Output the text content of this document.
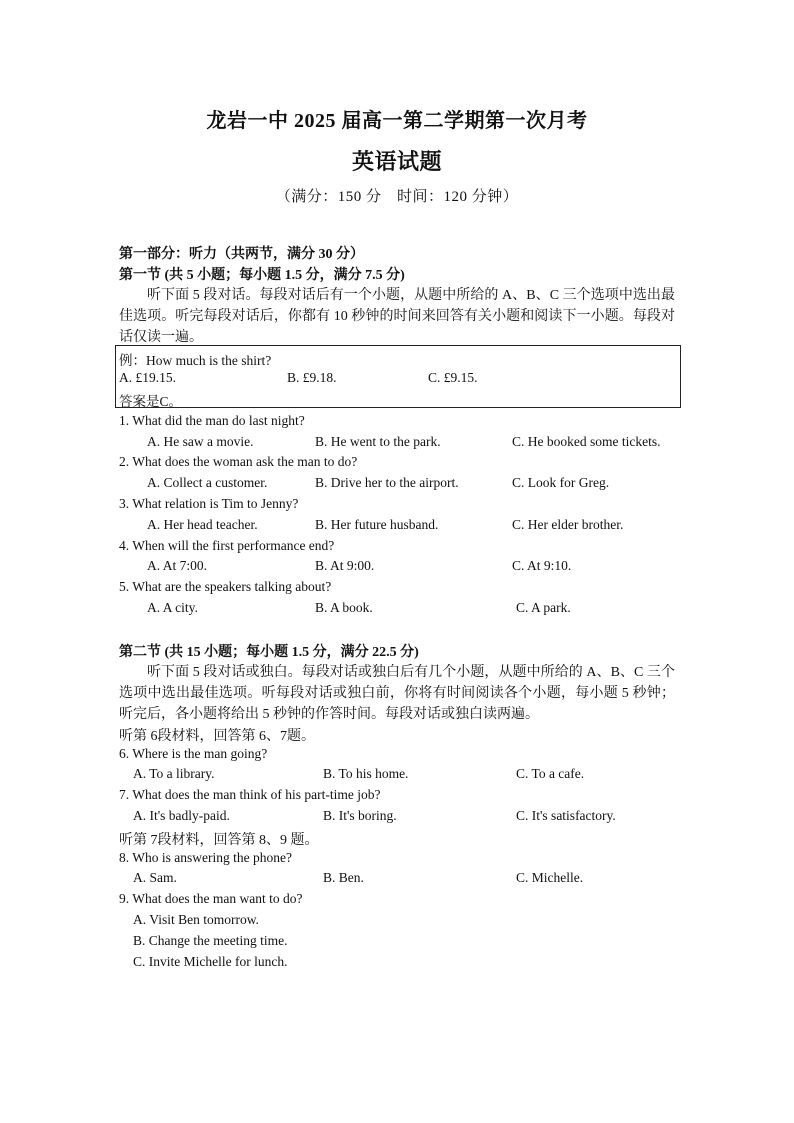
龙岩一中 2025 届高一第二学期第一次月考
英语试题
（满分：150 分　时间：120 分钟）
第一部分：听力（共两节，满分 30 分）
第一节 (共 5 小题；每小题 1.5 分，满分 7.5 分)
听下面 5 段对话。每段对话后有一个小题，从题中所给的 A、B、C 三个选项中选出最佳选项。听完每段对话后，你都有 10 秒钟的时间来回答有关小题和阅读下一小题。每段对话仅读一遍。
例：How much is the shirt?
A. £19.15.	B. £9.18.	C. £9.15.
答案是C。
1. What did the man do last night?
A. He saw a movie.	B. He went to the park.	C. He booked some tickets.
2. What does the woman ask the man to do?
A. Collect a customer.	B. Drive her to the airport.	C. Look for Greg.
3. What relation is Tim to Jenny?
A. Her head teacher.	B. Her future husband.	C. Her elder brother.
4. When will the first performance end?
A. At 7:00.	B. At 9:00.	C. At 9:10.
5. What are the speakers talking about?
A. A city.	B. A book.	C. A park.
第二节 (共 15 小题；每小题 1.5 分，满分 22.5 分)
听下面 5 段对话或独白。每段对话或独白后有几个小题，从题中所给的 A、B、C 三个选项中选出最佳选项。听每段对话或独白前，你将有时间阅读各个小题，每小题 5 秒钟；听完后，各小题将给出 5 秒钟的作答时间。每段对话或独白读两遍。
听第 6段材料，回答第 6、7题。
6. Where is the man going?
A. To a library.	B. To his home.	C. To a cafe.
7. What does the man think of his part-time job?
A. It's badly-paid.	B. It's boring.	C. It's satisfactory.
听第 7段材料，回答第 8、9 题。
8. Who is answering the phone?
A. Sam.	B. Ben.	C. Michelle.
9. What does the man want to do?
A. Visit Ben tomorrow.
B. Change the meeting time.
C. Invite Michelle for lunch.
